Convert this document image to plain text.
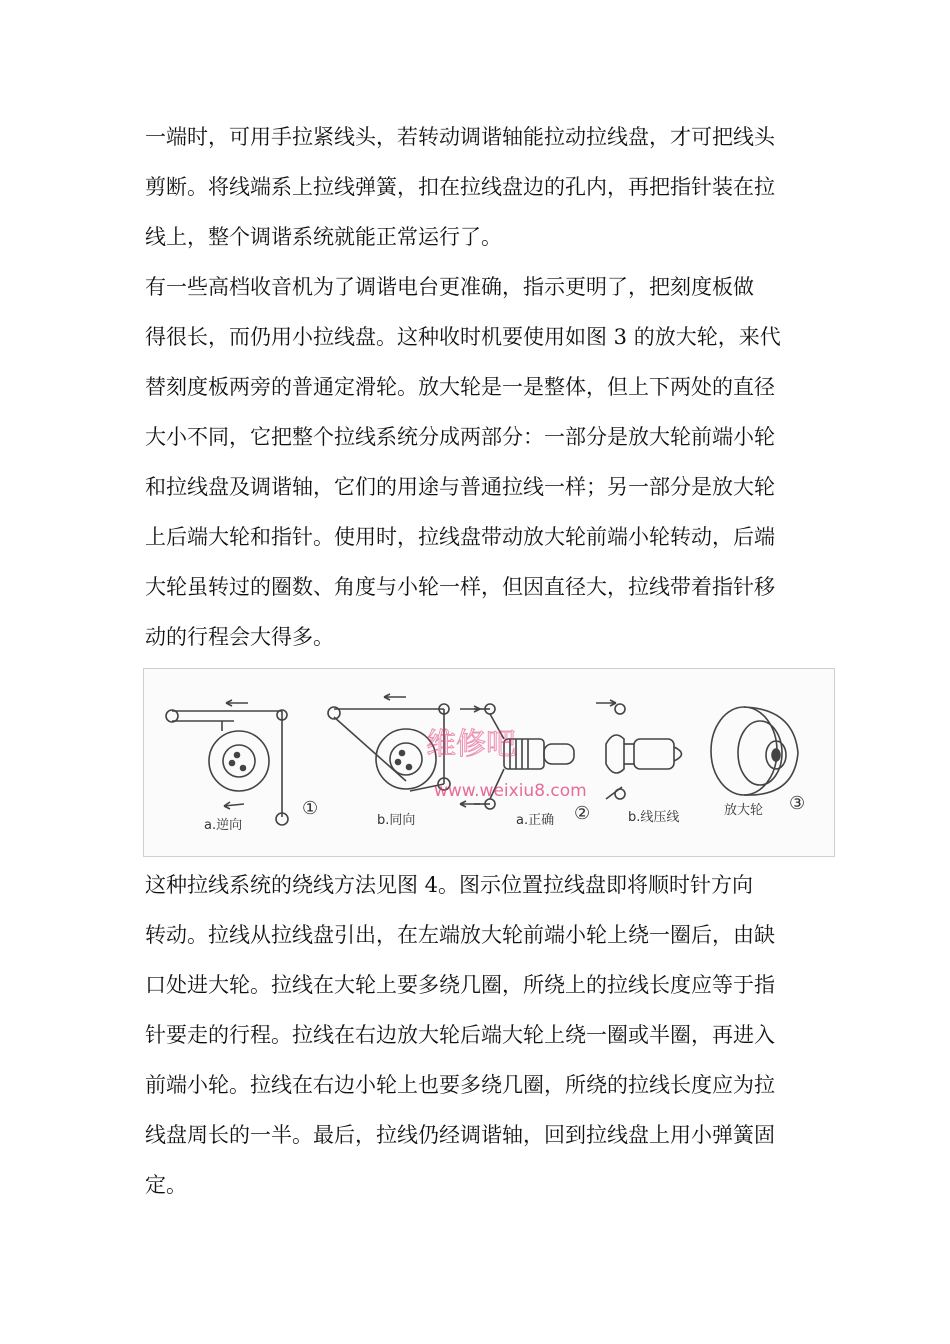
一端时，可用手拉紧线头，若转动调谐轴能拉动拉线盘，才可把线头
剪断。将线端系上拉线弹簧，扣在拉线盘边的孔内，再把指针装在拉
线上，整个调谐系统就能正常运行了。
有一些高档收音机为了调谐电台更准确，指示更明了，把刻度板做
得很长，而仍用小拉线盘。这种收时机要使用如图 3 的放大轮，来代
替刻度板两旁的普通定滑轮。放大轮是一是整体，但上下两处的直径
大小不同，它把整个拉线系统分成两部分：一部分是放大轮前端小轮
和拉线盘及调谐轴，它们的用途与普通拉线一样；另一部分是放大轮
上后端大轮和指针。使用时，拉线盘带动放大轮前端小轮转动，后端
大轮虽转过的圈数、角度与小轮一样，但因直径大，拉线带着指针移
动的行程会大得多。
a.逆向
①
b.同向	a.正确 ②	b.线压线	放大轮 ③
维修吧
www.weixiu8.com
这种拉线系统的绕线方法见图 4。图示位置拉线盘即将顺时针方向
转动。拉线从拉线盘引出，在左端放大轮前端小轮上绕一圈后，由缺
口处进大轮。拉线在大轮上要多绕几圈，所绕上的拉线长度应等于指
针要走的行程。拉线在右边放大轮后端大轮上绕一圈或半圈，再进入
前端小轮。拉线在右边小轮上也要多绕几圈，所绕的拉线长度应为拉
线盘周长的一半。最后，拉线仍经调谐轴，回到拉线盘上用小弹簧固
定。
